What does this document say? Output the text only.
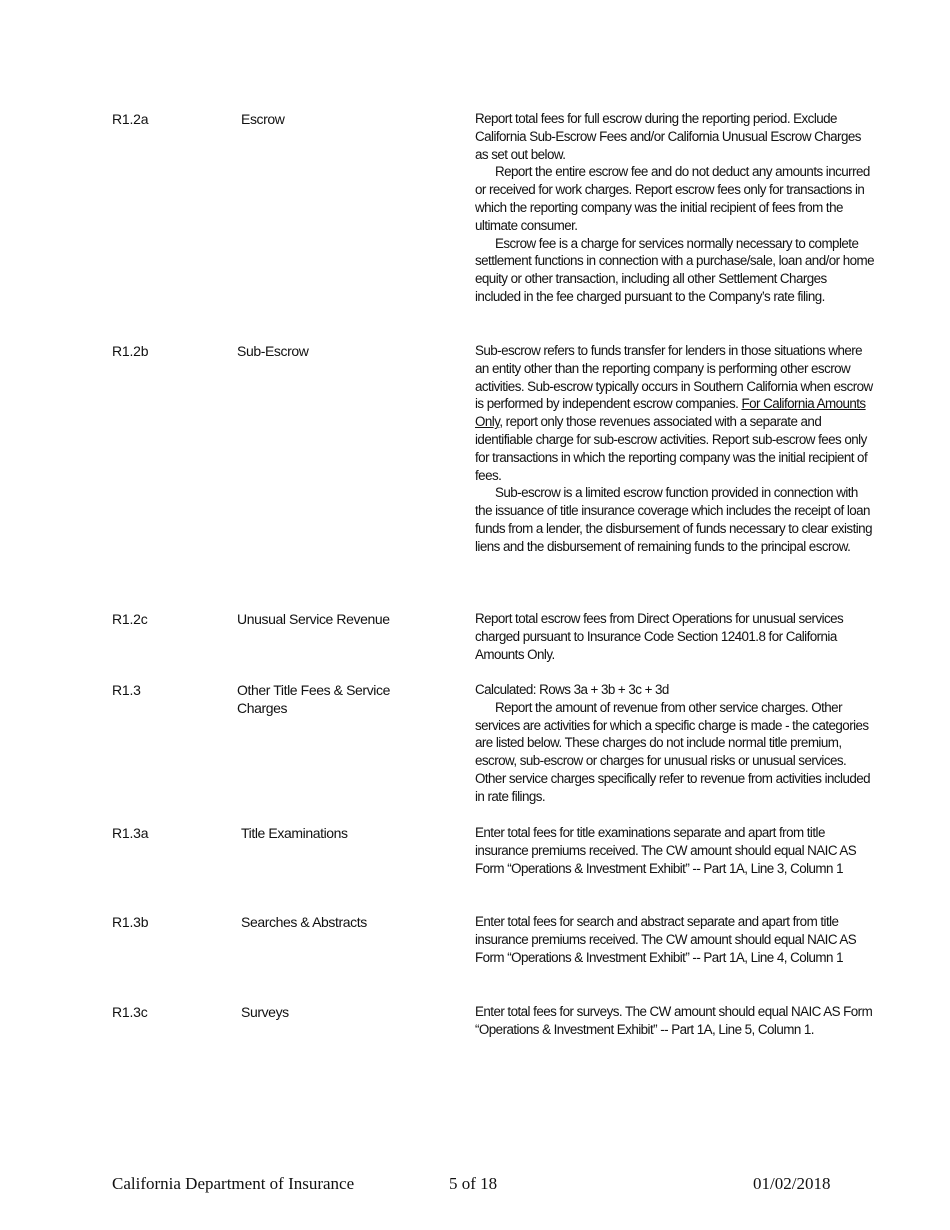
R1.2a	Escrow	Report total fees for full escrow during the reporting period. Exclude California Sub-Escrow Fees and/or California Unusual Escrow Charges as set out below.

Report the entire escrow fee and do not deduct any amounts incurred or received for work charges. Report escrow fees only for transactions in which the reporting company was the initial recipient of fees from the ultimate consumer.

Escrow fee is a charge for services normally necessary to complete settlement functions in connection with a purchase/sale, loan and/or home equity or other transaction, including all other Settlement Charges included in the fee charged pursuant to the Company’s rate filing.

R1.2b	Sub-Escrow	Sub-escrow refers to funds transfer for lenders in those situations where an entity other than the reporting company is performing other escrow activities. Sub-escrow typically occurs in Southern California when escrow is performed by independent escrow companies. For California Amounts Only, report only those revenues associated with a separate and identifiable charge for sub-escrow activities. Report sub-escrow fees only for transactions in which the reporting company was the initial recipient of fees.

Sub-escrow is a limited escrow function provided in connection with the issuance of title insurance coverage which includes the receipt of loan funds from a lender, the disbursement of funds necessary to clear existing liens and the disbursement of remaining funds to the principal escrow.

R1.2c	Unusual Service Revenue	Report total escrow fees from Direct Operations for unusual services charged pursuant to Insurance Code Section 12401.8 for California Amounts Only.

R1.3	Other Title Fees & Service Charges

Calculated: Rows 3a + 3b + 3c + 3d

Report the amount of revenue from other service charges. Other services are activities for which a specific charge is made - the categories are listed below. These charges do not include normal title premium, escrow, sub-escrow or charges for unusual risks or unusual services. Other service charges specifically refer to revenue from activities included in rate filings.

R1.3a	Title Examinations	Enter total fees for title examinations separate and apart from title insurance premiums received. The CW amount should equal NAIC AS Form “Operations & Investment Exhibit” -- Part 1A, Line 3, Column 1

R1.3b	Searches & Abstracts	Enter total fees for search and abstract separate and apart from title insurance premiums received. The CW amount should equal NAIC AS Form “Operations & Investment Exhibit” -- Part 1A, Line 4, Column 1

R1.3c	Surveys	Enter total fees for surveys. The CW amount should equal NAIC AS Form “Operations & Investment Exhibit” -- Part 1A, Line 5, Column 1.

California Department of Insurance	5 of 18	01/02/2018
